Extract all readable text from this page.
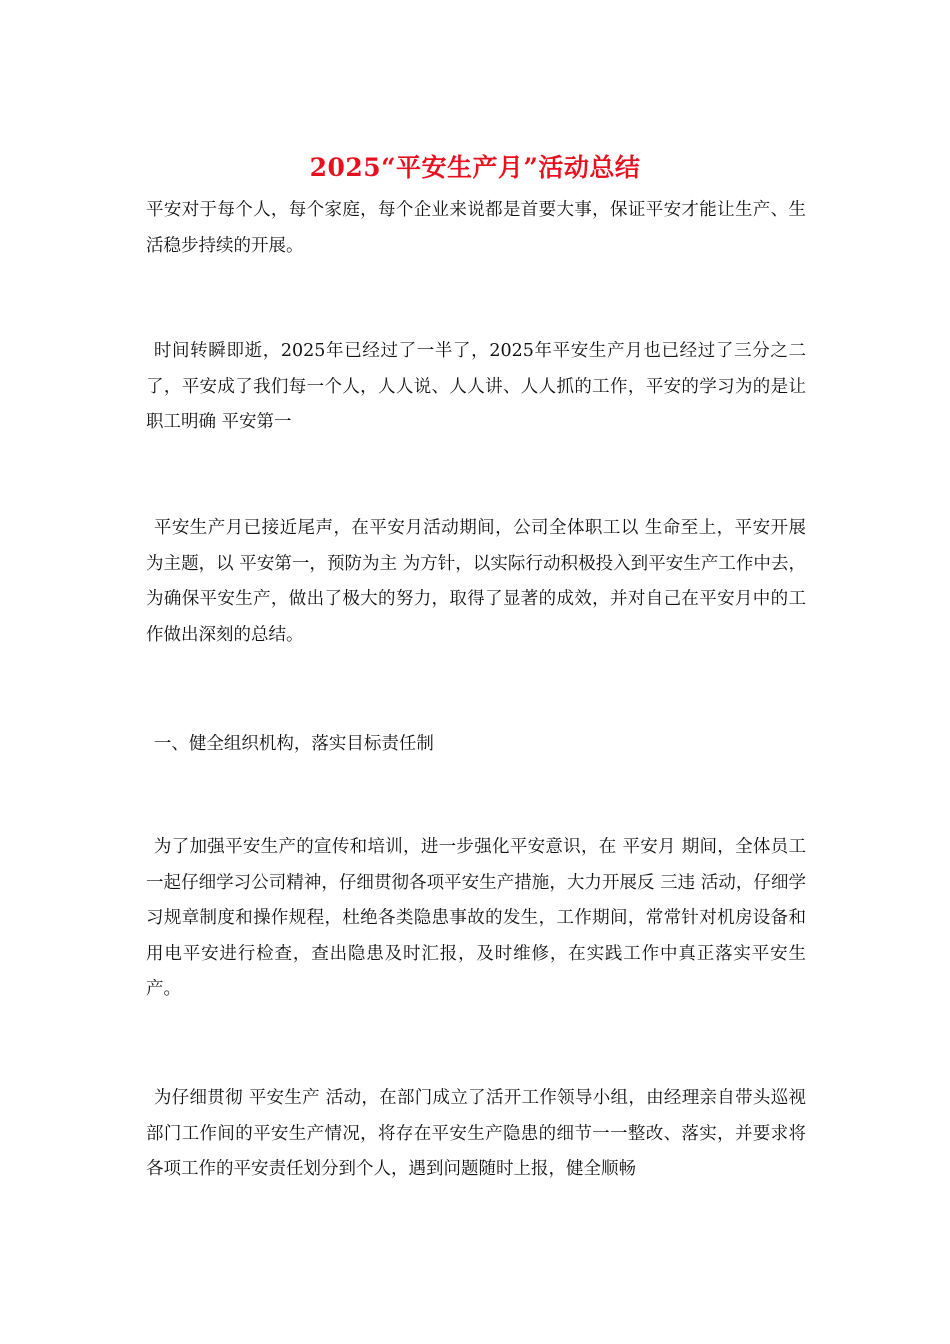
2025“平安生产月”活动总结

平安对于每个人，每个家庭，每个企业来说都是首要大事，保证平安才能让生产、生活稳步持续的开展。

时间转瞬即逝，2025年已经过了一半了，2025年平安生产月也已经过了三分之二了，平安成了我们每一个人，人人说、人人讲、人人抓的工作，平安的学习为的是让职工明确 平安第一

平安生产月已接近尾声，在平安月活动期间，公司全体职工以 生命至上，平安开展 为主题，以 平安第一，预防为主 为方针，以实际行动积极投入到平安生产工作中去，为确保平安生产，做出了极大的努力，取得了显著的成效，并对自己在平安月中的工作做出深刻的总结。

一、健全组织机构，落实目标责任制

为了加强平安生产的宣传和培训，进一步强化平安意识，在 平安月 期间，全体员工一起仔细学习公司精神，仔细贯彻各项平安生产措施，大力开展反 三违 活动，仔细学习规章制度和操作规程，杜绝各类隐患事故的发生，工作期间，常常针对机房设备和用电平安进行检查，查出隐患及时汇报，及时维修，在实践工作中真正落实平安生产。

为仔细贯彻 平安生产 活动，在部门成立了活开工作领导小组，由经理亲自带头巡视部门工作间的平安生产情况，将存在平安生产隐患的细节一一整改、落实，并要求将各项工作的平安责任划分到个人，遇到问题随时上报，健全顺畅
